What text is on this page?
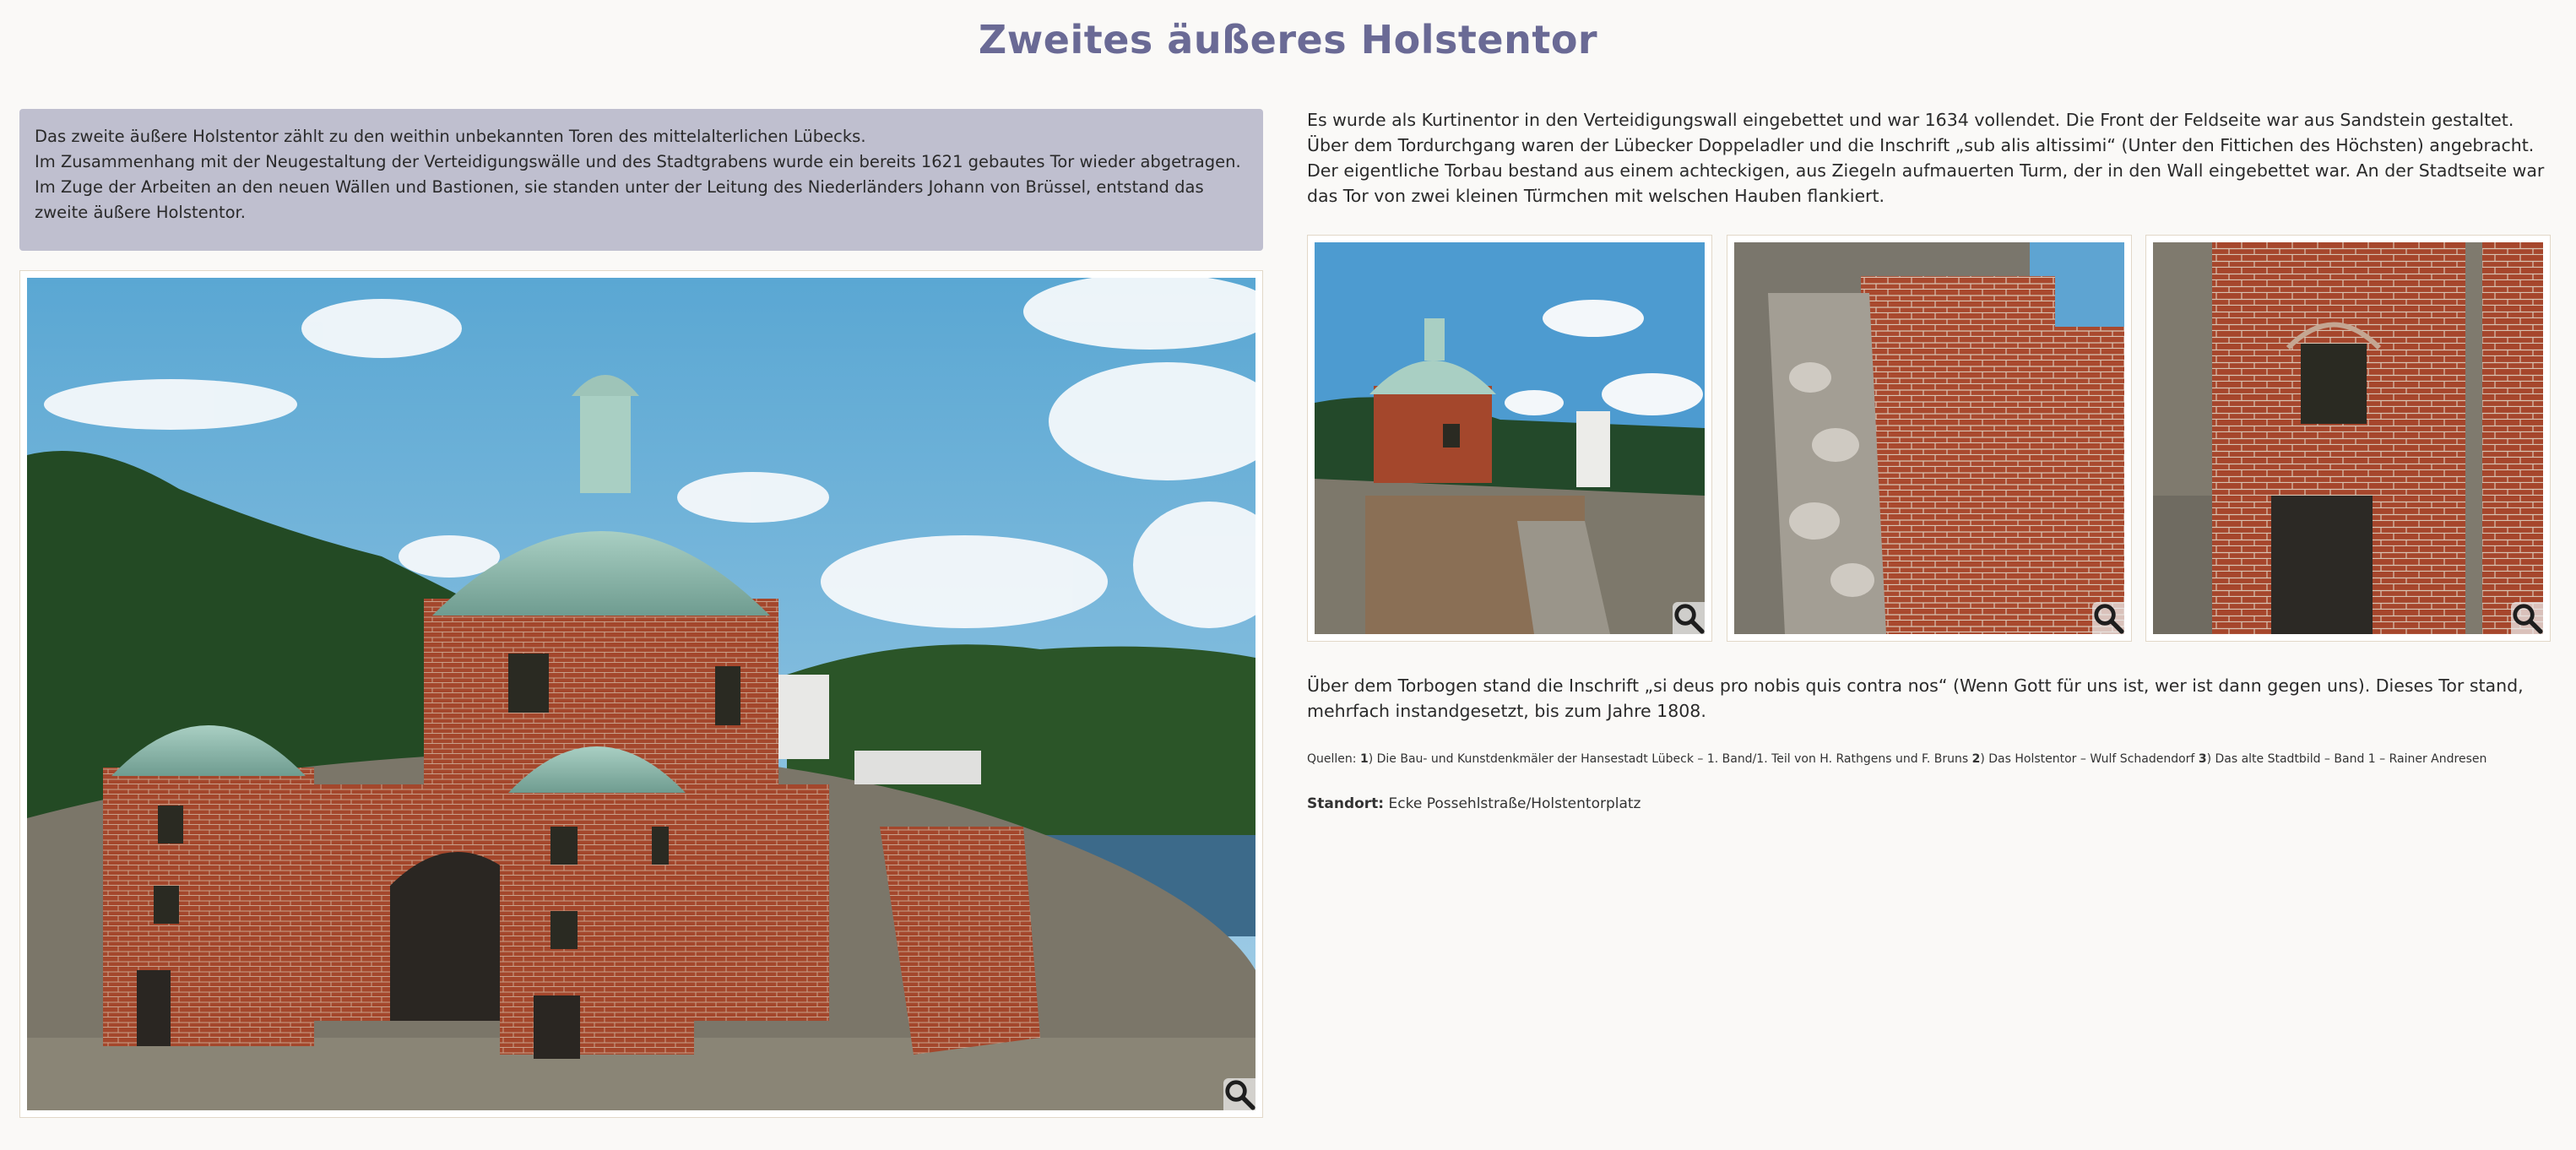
Zweites äußeres Holstentor
Das zweite äußere Holstentor zählt zu den weithin unbekannten Toren des mittelalterlichen Lübecks.
Im Zusammenhang mit der Neugestaltung der Verteidigungswälle und des Stadtgrabens wurde ein bereits 1621 gebautes Tor wieder abgetragen.
Im Zuge der Arbeiten an den neuen Wällen und Bastionen, sie standen unter der Leitung des Niederländers Johann von Brüssel, entstand das zweite äußere Holstentor.

Es wurde als Kurtinentor in den Verteidigungswall eingebettet und war 1634 vollendet. Die Front der Feldseite war aus Sandstein gestaltet. Über dem Tordurchgang waren der Lübecker Doppeladler und die Inschrift „sub alis altissimi“ (Unter den Fittichen des Höchsten) angebracht. Der eigentliche Torbau bestand aus einem achteckigen, aus Ziegeln aufmauerten Turm, der in den Wall eingebettet war. An der Stadtseite war das Tor von zwei kleinen Türmchen mit welschen Hauben flankiert.

Über dem Torbogen stand die Inschrift „si deus pro nobis quis contra nos“ (Wenn Gott für uns ist, wer ist dann gegen uns). Dieses Tor stand, mehrfach instandgesetzt, bis zum Jahre 1808.

Quellen: 1) Die Bau- und Kunstdenkmäler der Hansestadt Lübeck – 1. Band/1. Teil von H. Rathgens und F. Bruns 2) Das Holstentor – Wulf Schadendorf 3) Das alte Stadtbild – Band 1 – Rainer Andresen

Standort: Ecke Possehlstraße/Holstentorplatz
